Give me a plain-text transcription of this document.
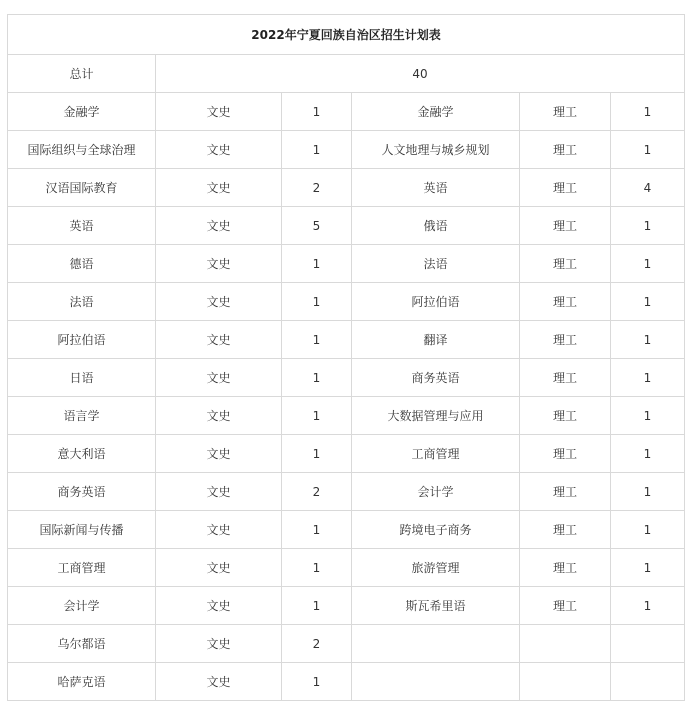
2022年宁夏回族自治区招生计划表					
总计	40				
金融学	文史	1	金融学	理工	1
国际组织与全球治理	文史	1	人文地理与城乡规划	理工	1
汉语国际教育	文史	2	英语	理工	4
英语	文史	5	俄语	理工	1
德语	文史	1	法语	理工	1
法语	文史	1	阿拉伯语	理工	1
阿拉伯语	文史	1	翻译	理工	1
日语	文史	1	商务英语	理工	1
语言学	文史	1	大数据管理与应用	理工	1
意大利语	文史	1	工商管理	理工	1
商务英语	文史	2	会计学	理工	1
国际新闻与传播	文史	1	跨境电子商务	理工	1
工商管理	文史	1	旅游管理	理工	1
会计学	文史	1	斯瓦希里语	理工	1
乌尔都语	文史	2			
哈萨克语	文史	1			
